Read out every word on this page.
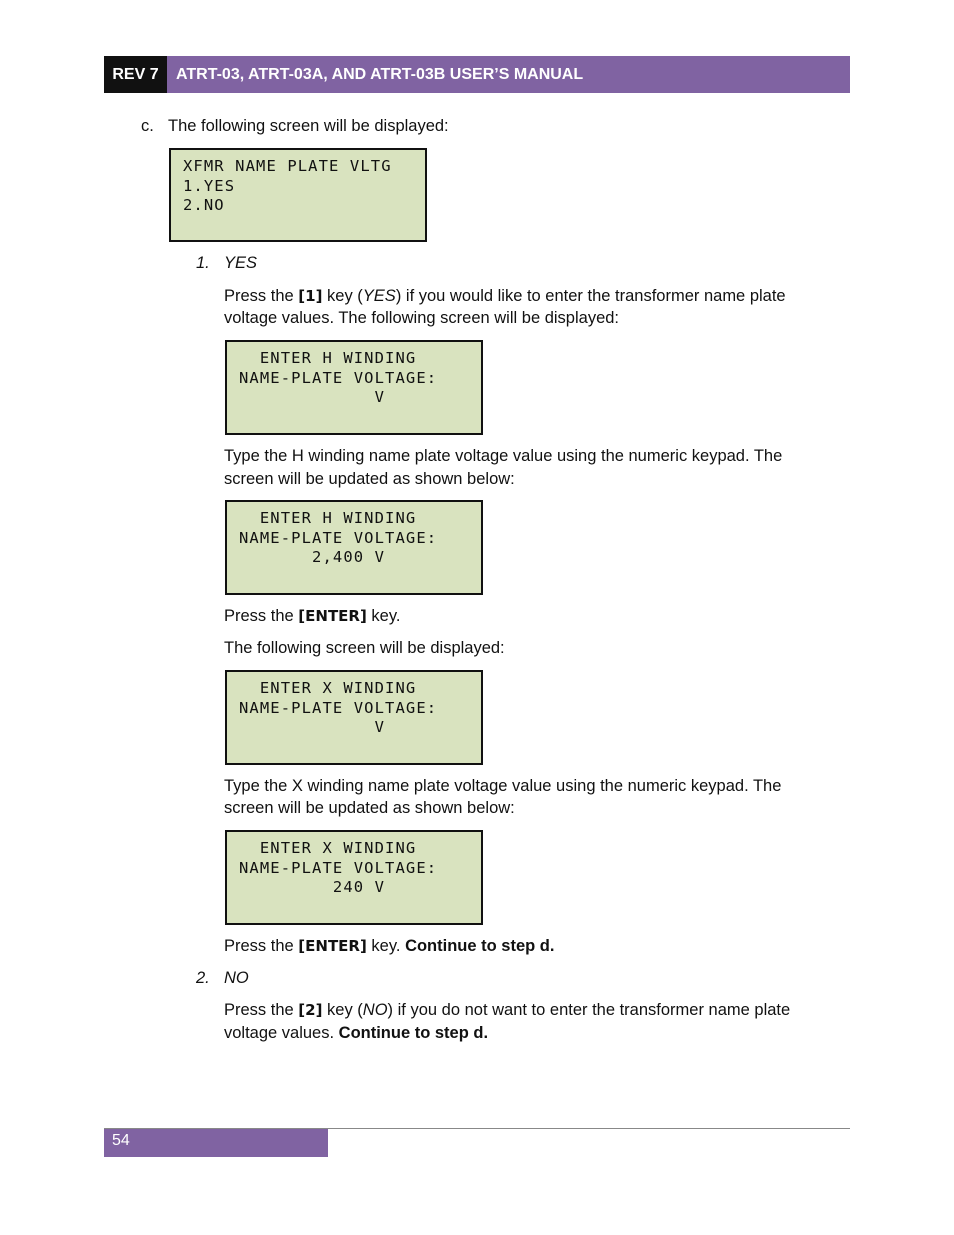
REV 7	ATRT-03, ATRT-03A, AND ATRT-03B USER’S MANUAL
c. The following screen will be displayed:
XFMR NAME PLATE VLTG
1.YES
2.NO
1. YES
Press the [1] key (YES) if you would like to enter the transformer name plate
voltage values. The following screen will be displayed:
ENTER H WINDING
NAME-PLATE VOLTAGE:
V
Type the H winding name plate voltage value using the numeric keypad. The
screen will be updated as shown below:
ENTER H WINDING
NAME-PLATE VOLTAGE:
2,400 V
Press the [ENTER] key.
The following screen will be displayed:
ENTER X WINDING
NAME-PLATE VOLTAGE:
V
Type the X winding name plate voltage value using the numeric keypad. The
screen will be updated as shown below:
ENTER X WINDING
NAME-PLATE VOLTAGE:
240 V
Press the [ENTER] key. Continue to step d.
2. NO
Press the [2] key (NO) if you do not want to enter the transformer name plate
voltage values. Continue to step d.
54
